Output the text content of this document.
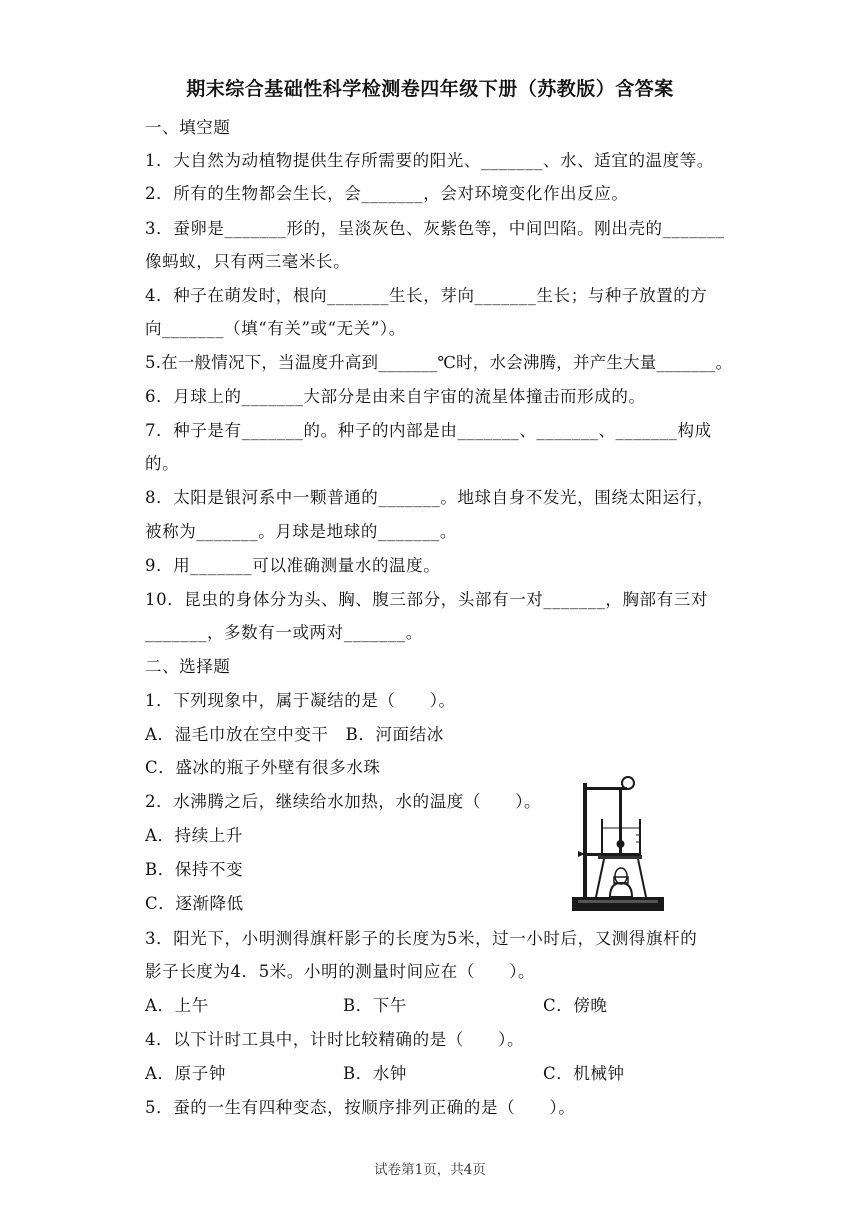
期末综合基础性科学检测卷四年级下册（苏教版）含答案
一、填空题
1．大自然为动植物提供生存所需要的阳光、_______、水、适宜的温度等。
2．所有的生物都会生长，会_______，会对环境变化作出反应。
3．蚕卵是_______形的，呈淡灰色、灰紫色等，中间凹陷。刚出壳的_______
像蚂蚁，只有两三毫米长。
4．种子在萌发时，根向_______生长，芽向_______生长；与种子放置的方
向_______（填“有关”或“无关”）。
5.在一般情况下，当温度升高到_______℃时，水会沸腾，并产生大量_______。
6．月球上的_______大部分是由来自宇宙的流星体撞击而形成的。
7．种子是有_______的。种子的内部是由_______、_______、_______构成
的。
8．太阳是银河系中一颗普通的_______。地球自身不发光，围绕太阳运行，
被称为_______。月球是地球的_______。
9．用_______可以准确测量水的温度。
10．昆虫的身体分为头、胸、腹三部分，头部有一对_______，胸部有三对
_______，多数有一或两对_______。
二、选择题
1．下列现象中，属于凝结的是（　　）。
A．湿毛巾放在空中变干　B．河面结冰
C．盛冰的瓶子外壁有很多水珠
2．水沸腾之后，继续给水加热，水的温度（　　）。
A．持续上升
B．保持不变
C．逐渐降低
3．阳光下，小明测得旗杆影子的长度为5米，过一小时后，又测得旗杆的
影子长度为4．5米。小明的测量时间应在（　　）。
A．上午	B．下午	C．傍晚
4．以下计时工具中，计时比较精确的是（　　）。
A．原子钟	B．水钟	C．机械钟
5．蚕的一生有四种变态，按顺序排列正确的是（　　）。
试卷第1页，共4页
